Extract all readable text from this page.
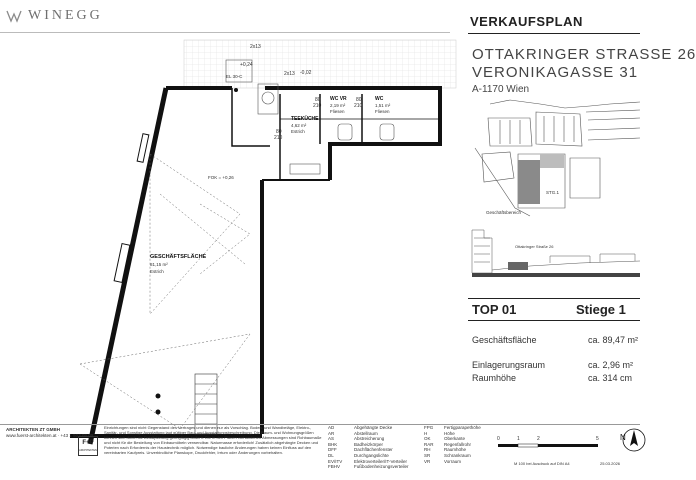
WINEGG	VERKAUFSPLAN
OTTAKRINGER STRASSE 26
VERONIKAGASSE 31
A-1170 Wien
STG.1
Geschäftsbereich
Ottakringer Straße 26
TOP 01	Stiege 1
Geschäftsfläche	ca. 89,47 m²
Einlagerungsraum	ca. 2,96 m²
Raumhöhe	ca. 314 cm
2x13
2x13
EL 30-C
+0,24
-0,02
80
210
80
210
80
210
WC VR
2,19 m²
Fliesen
WC
1,51 m²
Fliesen
TEEKÜCHE
4,62 m²
Estrich
GESCHÄFTSFLÄCHE
81,15 m²
Estrich
FOK = +0,26
ARCHITEKTEN ZT GMBH
www.fuerst-architekten.at · +43 1 503 09 09
F+P
ARCHITEKTEN
Einrichtungen sind nicht Gegenstand des Vertrages und dienen nur als Vorschlag. Boden- und Wandbeläge, Elektro-, Sanitär- und Sonstige Ausstattung laut gültiger Bau- und Ausstattungsbeschreibung. Die Raum- und Wohnungsgrößen können sich durch die Detailplanung geringfügig ändern. Die in den Plänen vorhandenen Abmessungen sind Rohbaumaße und nicht für die Bestellung von Einbaumöbeln verwendbar. Naturmasse erforderlich! Zusätzlich abgehängte Decken und Poterien nach Erfordernis der Haustechnik möglich. Notwendige bauliche Änderungen haben keinen Einfluss auf den vereinbarten Kaufpreis. Unverbindliche Planskope, Druckfehler, Irrtum oder Änderungen vorbehalten.
AD	Abgehängte Decke
AR	Abstellraum
AS	Abstreicherung
BHK	Badheizkörper
DFF	Dachflächenfenster
DL	Durchgangslichte
EV/ITV	Elektroverteiler/IT-Verteiler
FBHV	Fußbodenheizungsverteiler
FPG	Fertigparapethöhe
H	Höhe
OK	Oberkante
RAR	Regenfallrohr
RH	Raumhöhe
SR	Schrankraum
VR	Vorraum
0	1	2	5
M 100 bei Ausdruck auf DIN A4	25.03.2026
N
